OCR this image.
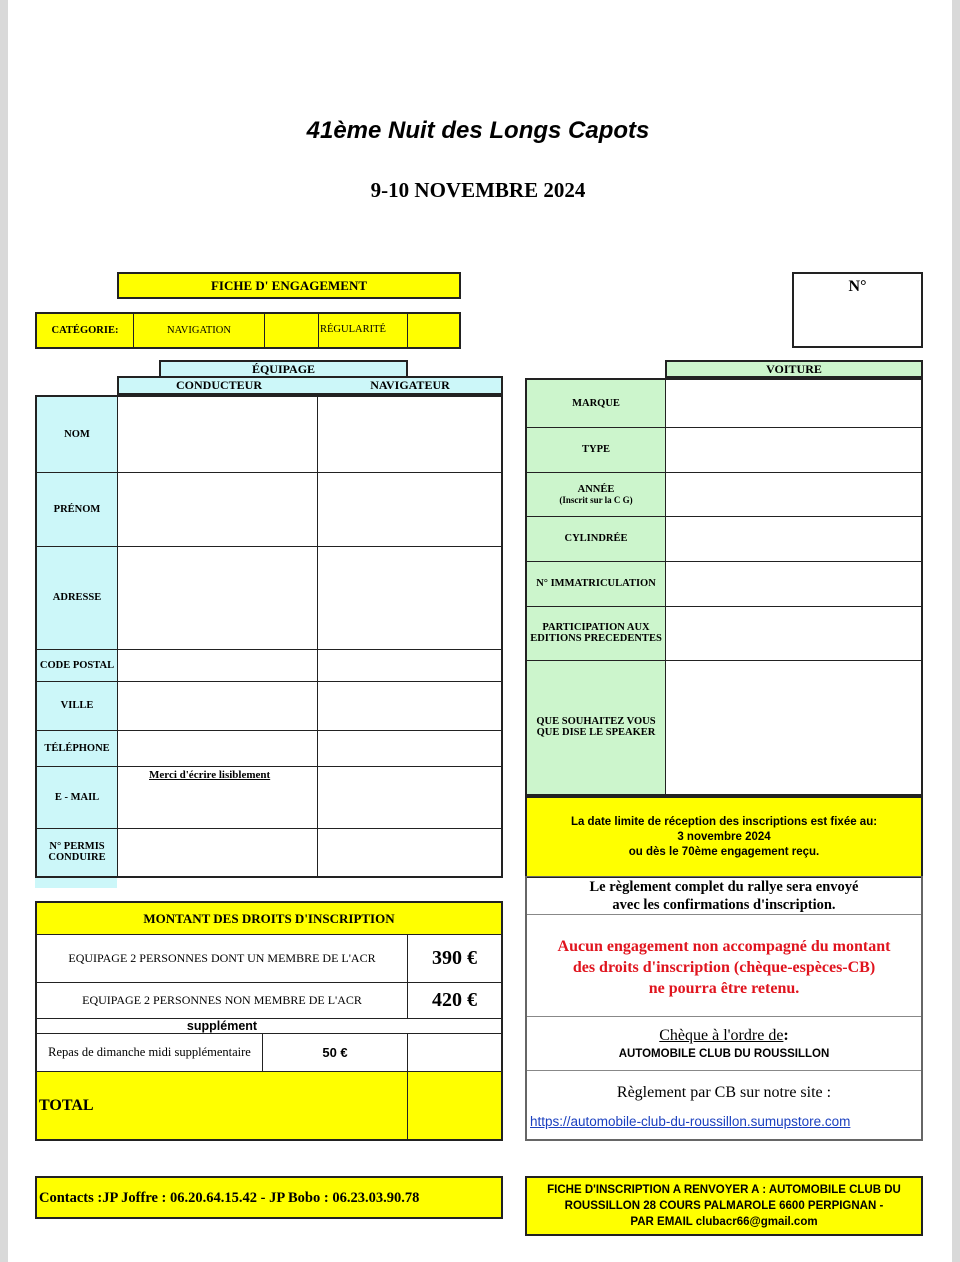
41ème Nuit des Longs Capots
9-10 NOVEMBRE 2024
FICHE D' ENGAGEMENT	N°
CATÉGORIE:	NAVIGATION	RÉGULARITÉ
ÉQUIPAGE
CONDUCTEUR	NAVIGATEUR
NOM
PRÉNOM
ADRESSE
CODE POSTAL
VILLE
TÉLÉPHONE
E - MAIL
N° PERMIS CONDUIRE
Merci d'écrire lisiblement
VOITURE
MARQUE
TYPE
ANNÉE
(Inscrit sur la C G)
CYLINDRÉE
N° IMMATRICULATION
PARTICIPATION AUX EDITIONS PRECEDENTES
QUE SOUHAITEZ VOUS QUE DISE LE SPEAKER
La date limite de réception des inscriptions est fixée au:
3 novembre 2024
ou dès le 70ème engagement reçu.
Le règlement complet du rallye sera envoyé
avec les confirmations d'inscription.
Aucun engagement non accompagné du montant
des droits d'inscription (chèque-espèces-CB)
ne pourra être retenu.
Chèque à l'ordre de:
AUTOMOBILE CLUB DU ROUSSILLON
Règlement par CB sur notre site :
https://automobile-club-du-roussillon.sumupstore.com
MONTANT DES DROITS D'INSCRIPTION
EQUIPAGE 2 PERSONNES DONT UN MEMBRE DE L'ACR	390 €
EQUIPAGE 2 PERSONNES NON MEMBRE DE L'ACR	420 €
supplément
Repas de dimanche midi supplémentaire	50 €
TOTAL
Contacts :JP Joffre : 06.20.64.15.42 - JP Bobo : 06.23.03.90.78	FICHE D'INSCRIPTION A RENVOYER A : AUTOMOBILE CLUB DU
ROUSSILLON 28 COURS PALMAROLE 6600 PERPIGNAN -
PAR EMAIL clubacr66@gmail.com
